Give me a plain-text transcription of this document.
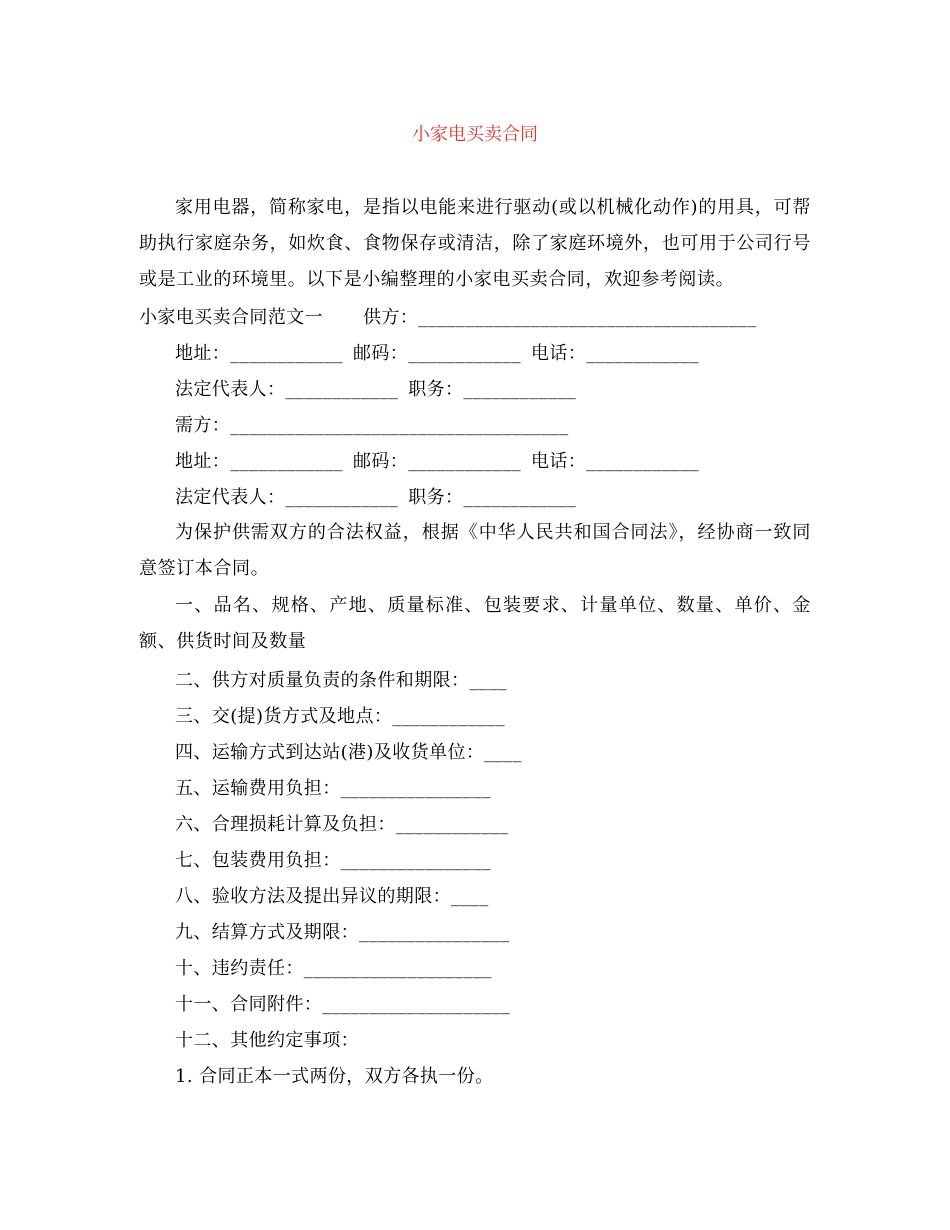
小家电买卖合同
家用电器，简称家电，是指以电能来进行驱动(或以机械化动作)的用具，可帮助执行家庭杂务，如炊食、食物保存或清洁，除了家庭环境外，也可用于公司行号或是工业的环境里。以下是小编整理的小家电买卖合同，欢迎参考阅读。
小家电买卖合同范文一 供方：____________________________________
地址：____________ 邮码：____________ 电话：____________
法定代表人：____________ 职务：____________
需方：____________________________________
地址：____________ 邮码：____________ 电话：____________
法定代表人：____________ 职务：____________
为保护供需双方的合法权益，根据《中华人民共和国合同法》，经协商一致同意签订本合同。
一、品名、规格、产地、质量标准、包装要求、计量单位、数量、单价、金额、供货时间及数量
二、供方对质量负责的条件和期限：____
三、交(提)货方式及地点：____________
四、运输方式到达站(港)及收货单位：____
五、运输费用负担：________________
六、合理损耗计算及负担：____________
七、包装费用负担：________________
八、验收方法及提出异议的期限：____
九、结算方式及期限：________________
十、违约责任：____________________
十一、合同附件：____________________
十二、其他约定事项：
1. 合同正本一式两份，双方各执一份。
